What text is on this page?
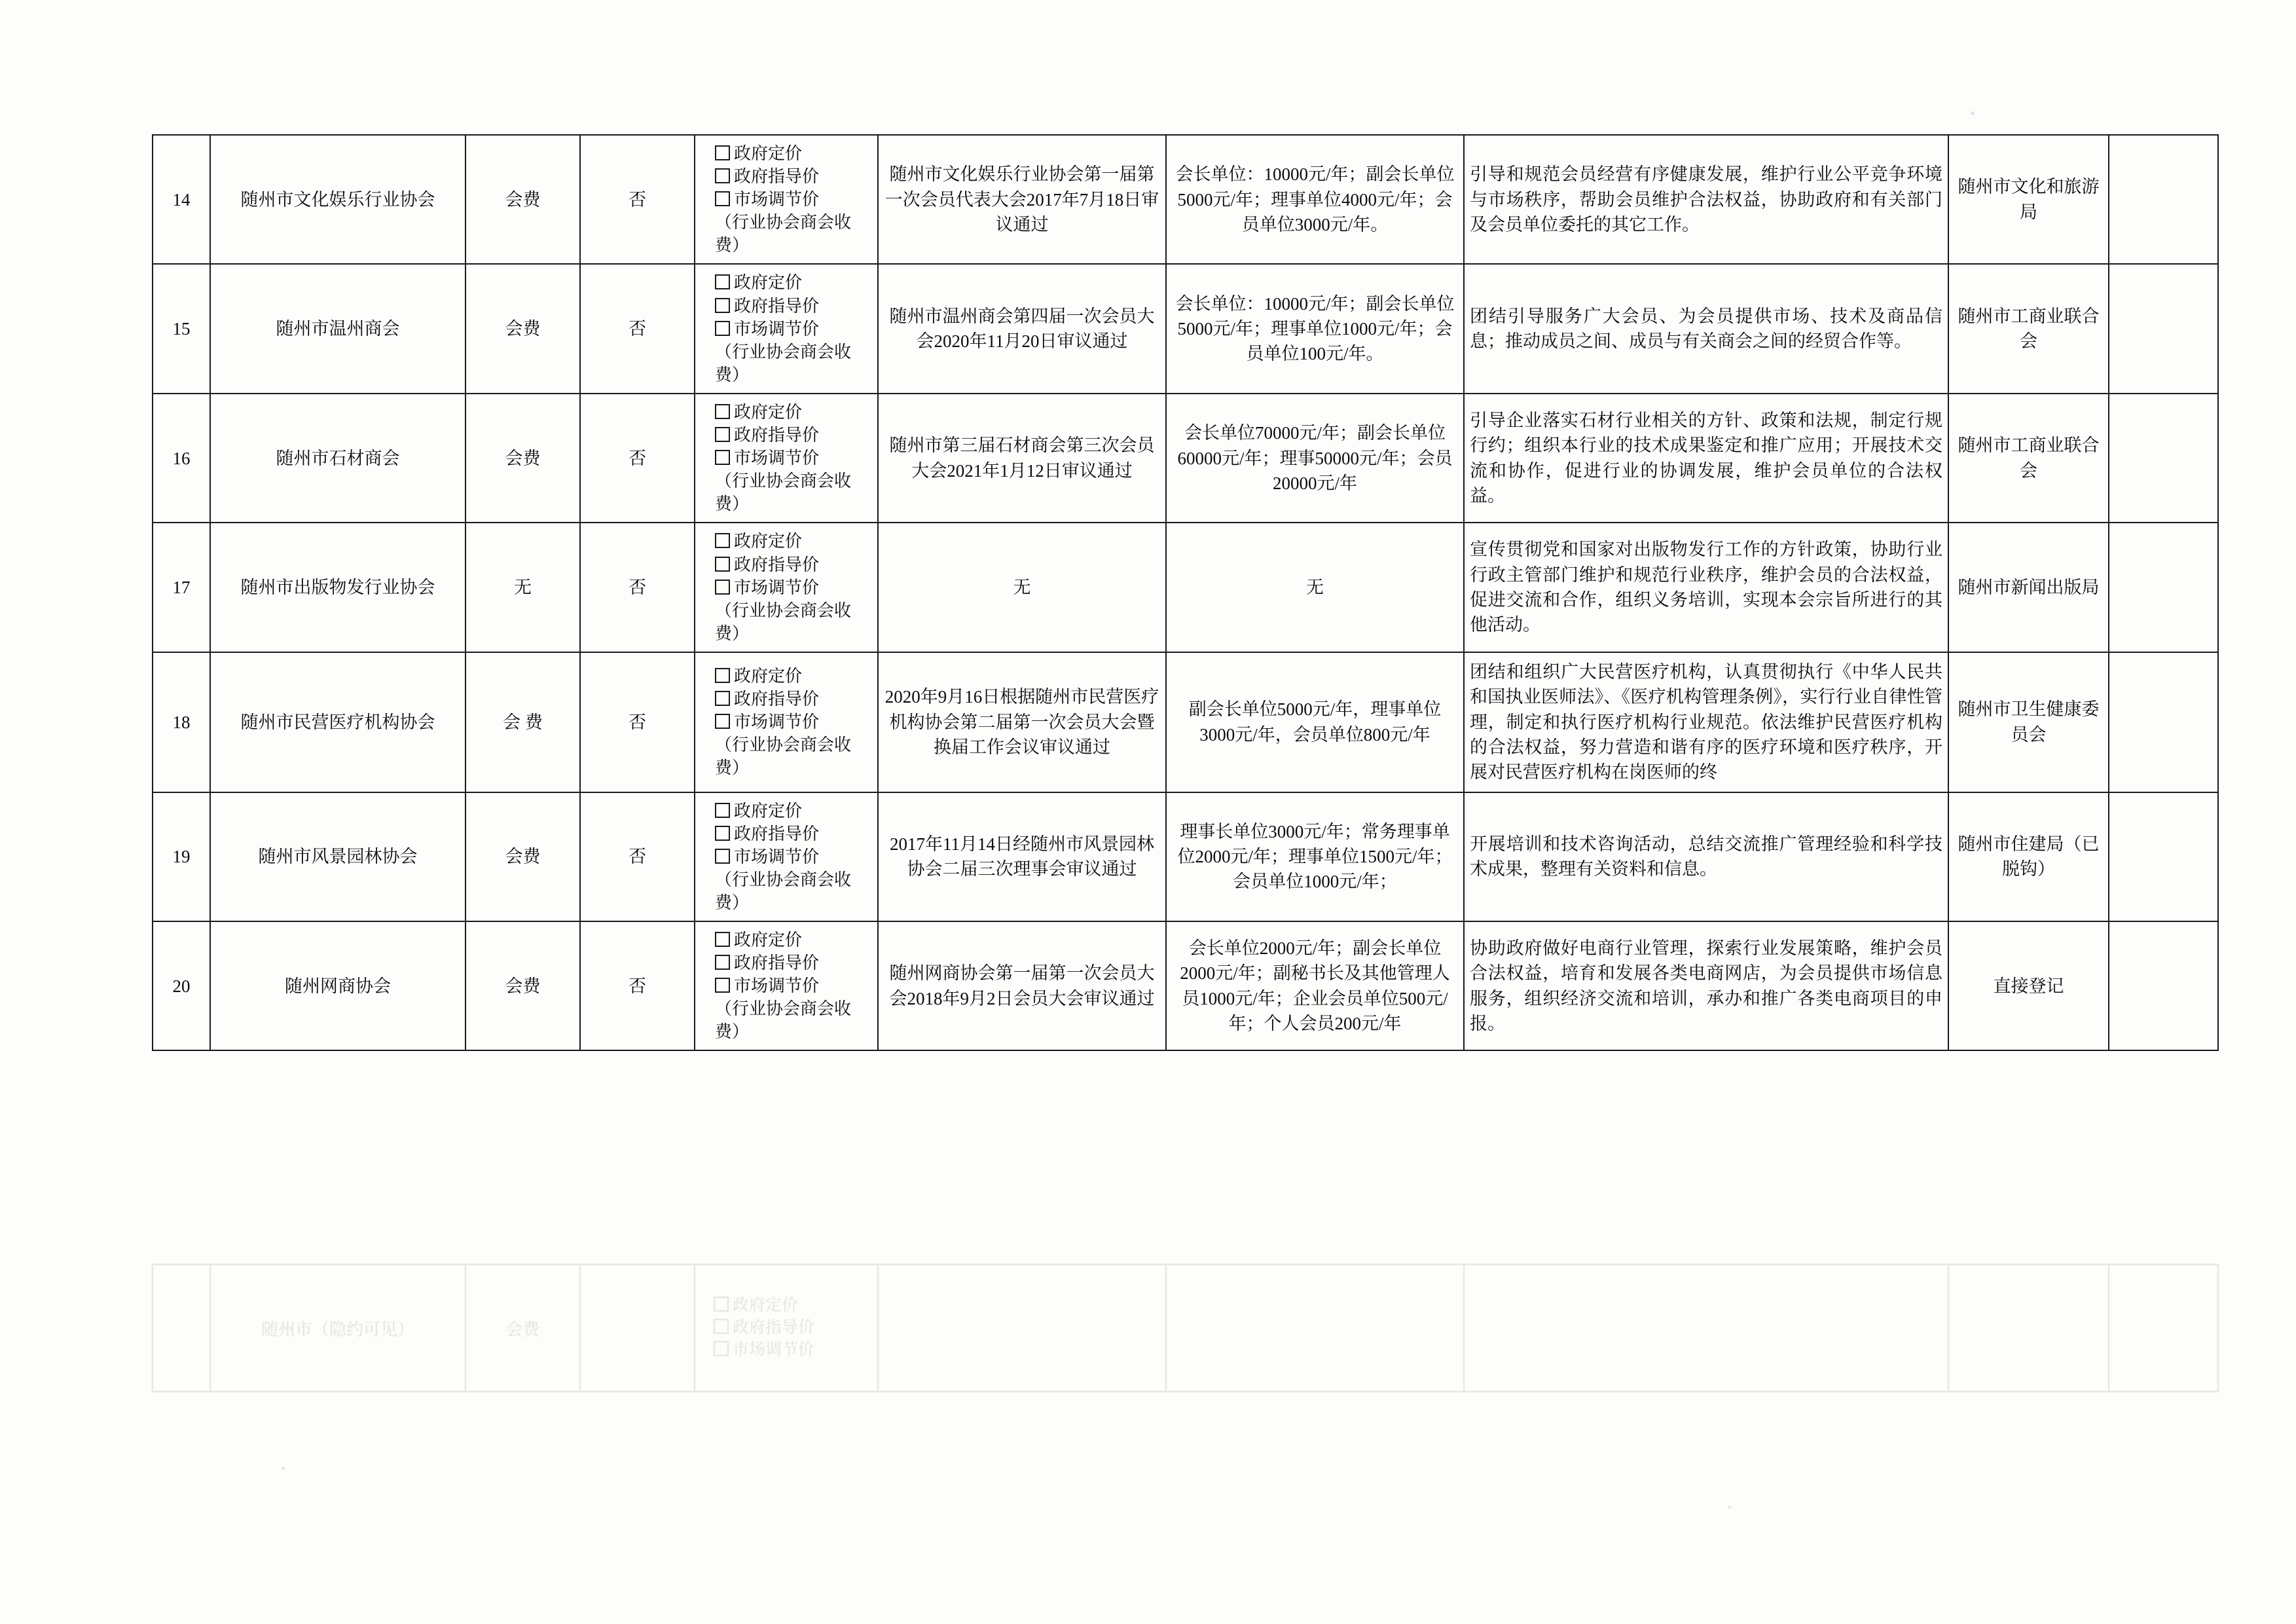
14	随州市文化娱乐行业协会	会费	否	政府定价
政府指导价
市场调节价
（行业协会商会收费）	随州市文化娱乐行业协会第一届第一次会员代表大会2017年7月18日审议通过	会长单位：10000元/年；副会长单位5000元/年；理事单位4000元/年；会员单位3000元/年。	引导和规范会员经营有序健康发展，维护行业公平竞争环境与市场秩序，帮助会员维护合法权益，协助政府和有关部门及会员单位委托的其它工作。	随州市文化和旅游局	
15	随州市温州商会	会费	否	政府定价
政府指导价
市场调节价
（行业协会商会收费）	随州市温州商会第四届一次会员大会2020年11月20日审议通过	会长单位：10000元/年；副会长单位5000元/年；理事单位1000元/年；会员单位100元/年。	团结引导服务广大会员、为会员提供市场、技术及商品信息；推动成员之间、成员与有关商会之间的经贸合作等。	随州市工商业联合会	
16	随州市石材商会	会费	否	政府定价
政府指导价
市场调节价
（行业协会商会收费）	随州市第三届石材商会第三次会员大会2021年1月12日审议通过	会长单位70000元/年；副会长单位60000元/年；理事50000元/年；会员20000元/年	引导企业落实石材行业相关的方针、政策和法规，制定行规行约；组织本行业的技术成果鉴定和推广应用；开展技术交流和协作，促进行业的协调发展，维护会员单位的合法权益。	随州市工商业联合会	
17	随州市出版物发行业协会	无	否	政府定价
政府指导价
市场调节价
（行业协会商会收费）	无	无	宣传贯彻党和国家对出版物发行工作的方针政策，协助行业行政主管部门维护和规范行业秩序，维护会员的合法权益，促进交流和合作，组织义务培训，实现本会宗旨所进行的其他活动。	随州市新闻出版局	
18	随州市民营医疗机构协会	会 费	否	政府定价
政府指导价
市场调节价
（行业协会商会收费）	2020年9月16日根据随州市民营医疗机构协会第二届第一次会员大会暨换届工作会议审议通过	副会长单位5000元/年，理事单位3000元/年，会员单位800元/年	团结和组织广大民营医疗机构，认真贯彻执行《中华人民共和国执业医师法》、《医疗机构管理条例》，实行行业自律性管理，制定和执行医疗机构行业规范。依法维护民营医疗机构的合法权益，努力营造和谐有序的医疗环境和医疗秩序，开展对民营医疗机构在岗医师的终	随州市卫生健康委员会	
19	随州市风景园林协会	会费	否	政府定价
政府指导价
市场调节价
（行业协会商会收费）	2017年11月14日经随州市风景园林协会二届三次理事会审议通过	理事长单位3000元/年；常务理事单位2000元/年；理事单位1500元/年；会员单位1000元/年；	开展培训和技术咨询活动，总结交流推广管理经验和科学技术成果，整理有关资料和信息。	随州市住建局（已脱钩）	
20	随州网商协会	会费	否	政府定价
政府指导价
市场调节价
（行业协会商会收费）	随州网商协会第一届第一次会员大会2018年9月2日会员大会审议通过	会长单位2000元/年；副会长单位2000元/年；副秘书长及其他管理人员1000元/年；企业会员单位500元/年；个人会员200元/年	协助政府做好电商行业管理，探索行业发展策略，维护会员合法权益，培育和发展各类电商网店，为会员提供市场信息服务，组织经济交流和培训，承办和推广各类电商项目的申报。	直接登记	
	随州市（隐约可见）	会费		
政府定价
政府指导价
市场调节价
